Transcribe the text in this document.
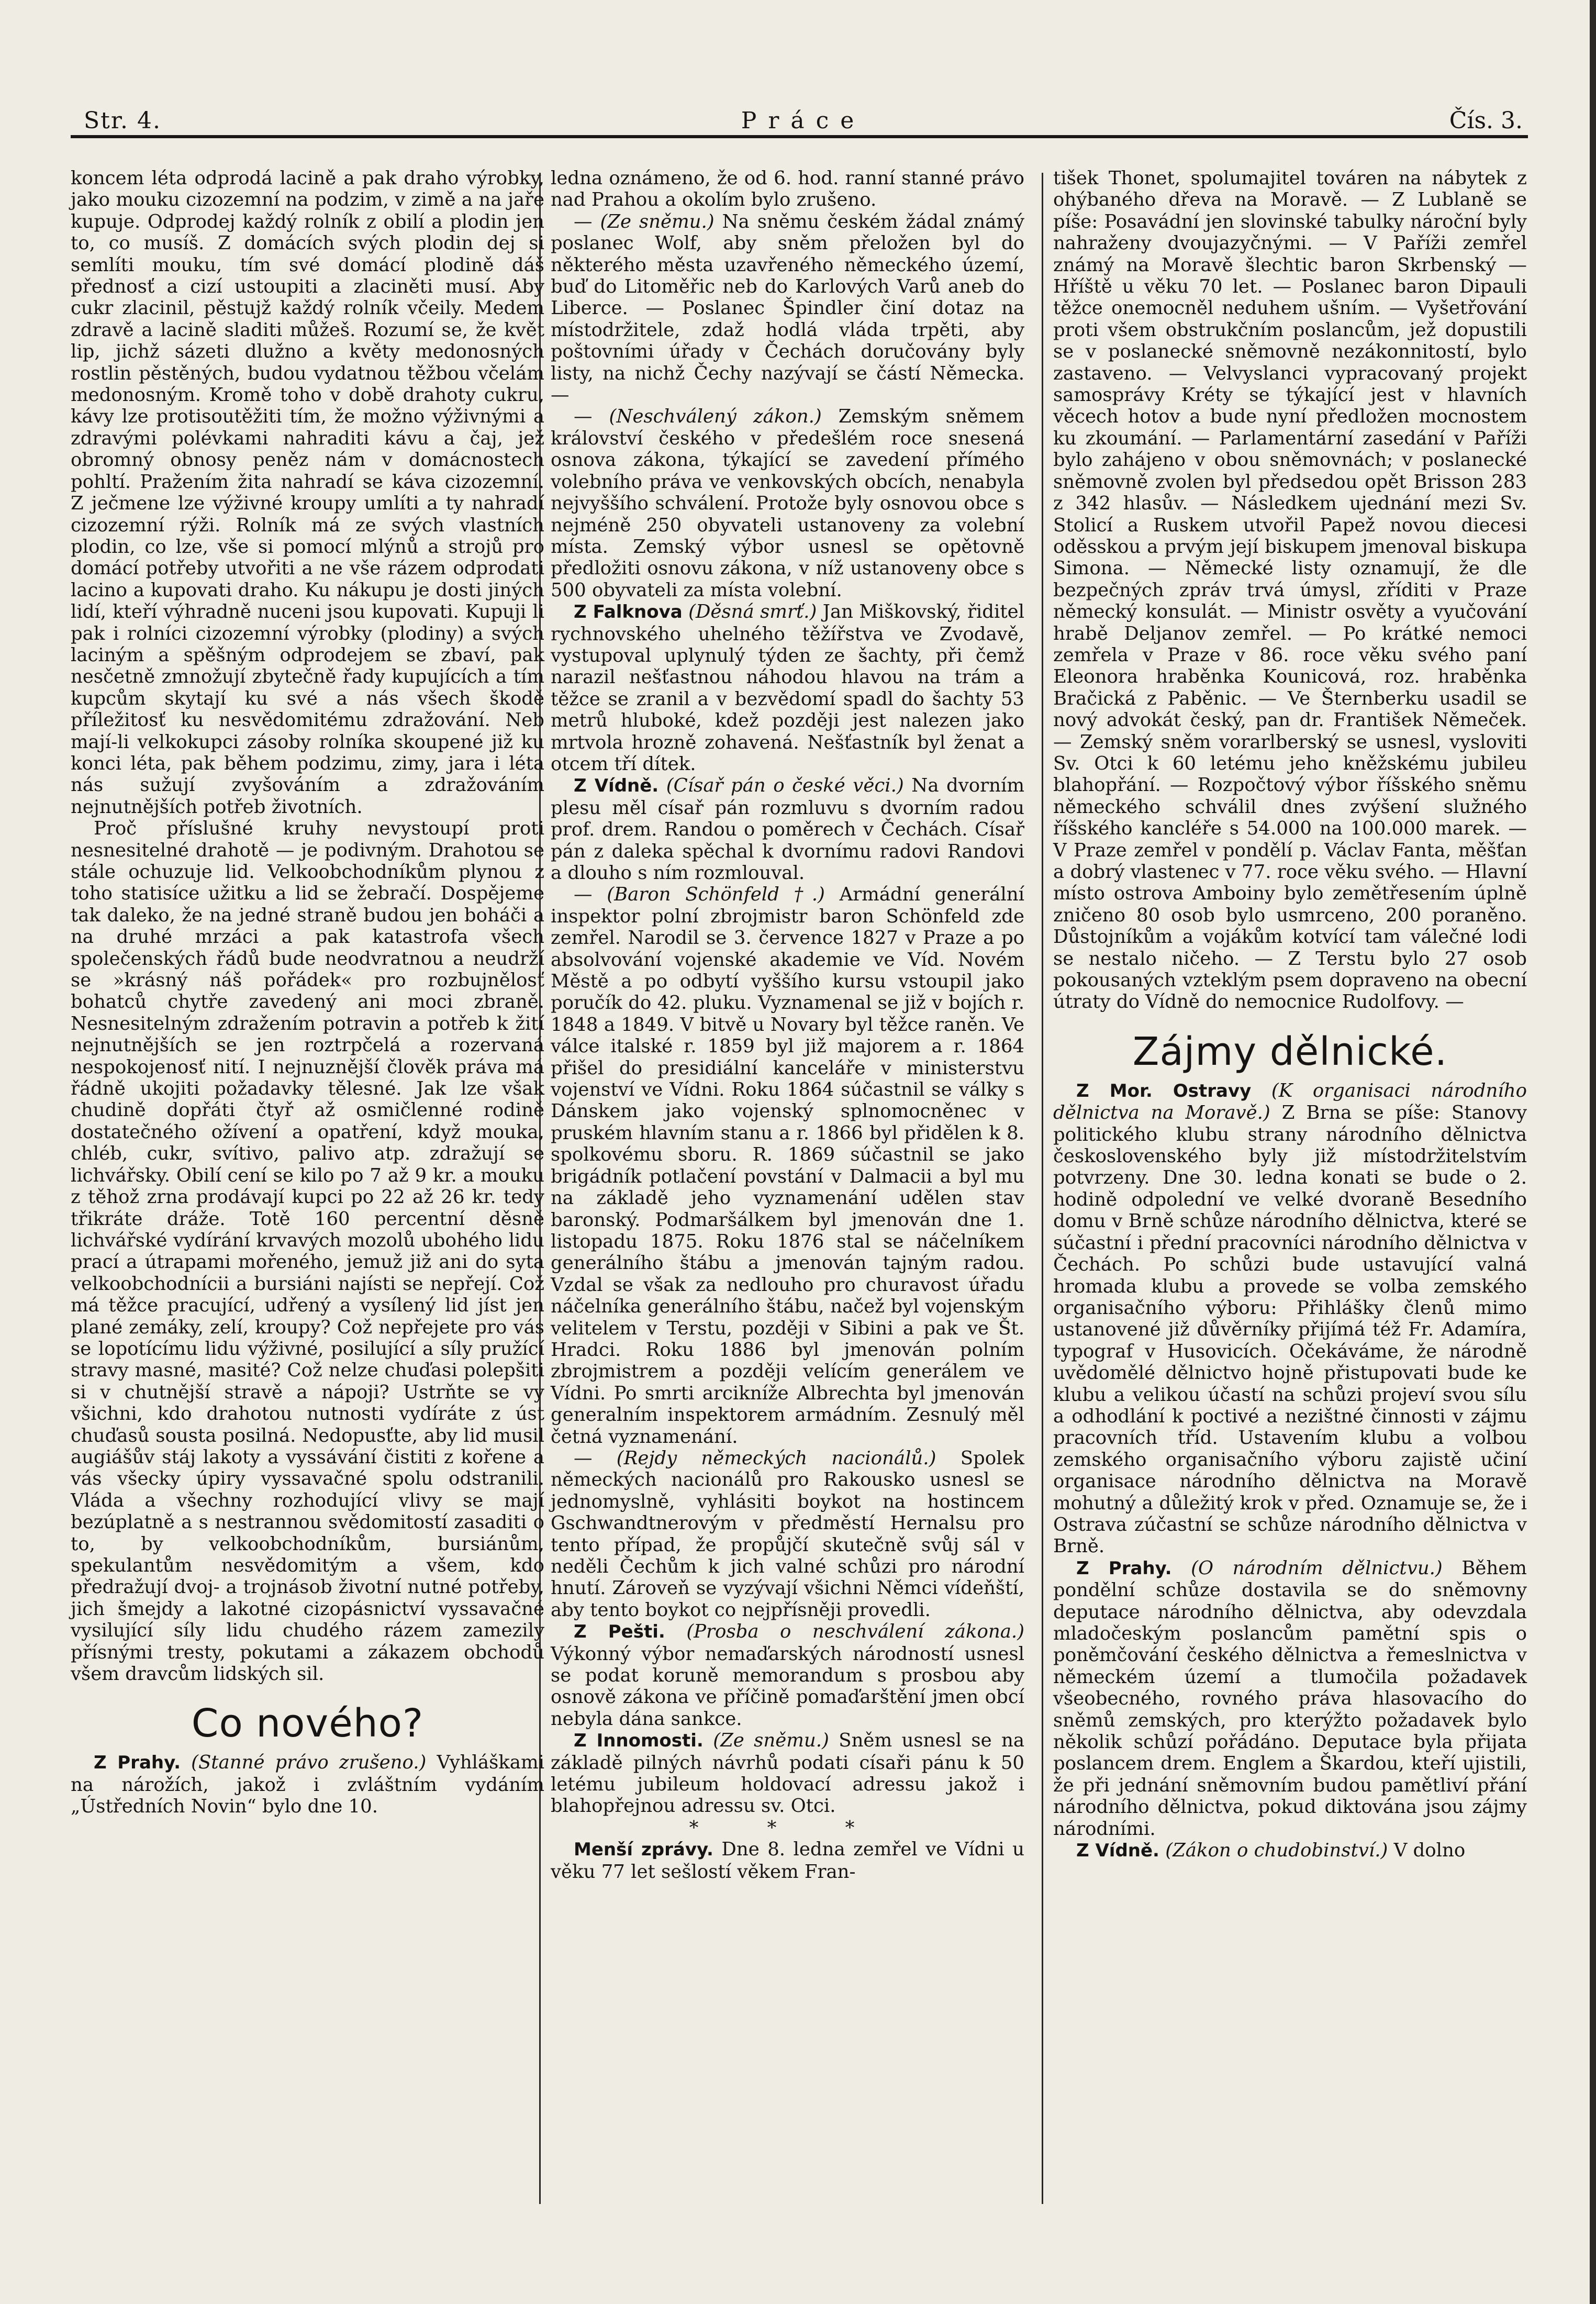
Str. 4.	Práce	Čís. 3.

koncem léta odprodá lacině a pak draho výrobky, jako mouku cizozemní na podzim, v zimě a na jaře kupuje. Odprodej každý rolník z obilí a plodin jen to, co musíš. Z domácích svých plodin dej si semlíti mouku, tím své domácí plodině dáš přednosť a cizí ustoupiti a zlaciněti musí. Aby cukr zlacinil, pěstujž každý rolník včeily. Medem zdravě a lacině sladiti můžeš. Rozumí se, že květ lip, jichž sázeti dlužno a květy medonosných rostlin pěstěných, budou vydatnou těžbou včelám medonosným. Kromě toho v době drahoty cukru, kávy lze protisoutěžiti tím, že možno výživnými a zdravými polévkami nahraditi kávu a čaj, jež obromný obnosy peněz nám v domácnostech pohltí. Pražením žita nahradí se káva cizozemní. Z ječmene lze výživné kroupy umlíti a ty nahradí cizozemní rýži. Rolník má ze svých vlastních plodin, co lze, vše si pomocí mlýnů a strojů pro domácí potřeby utvořiti a ne vše rázem odprodati lacino a kupovati draho. Ku nákupu je dosti jiných lidí, kteří výhradně nuceni jsou kupovati. Kupuji li pak i rolníci cizozemní výrobky (plodiny) a svých laciným a spěšným odprodejem se zbaví, pak nesčetně zmnožují zbytečně řady kupujících a tím kupcům skytají ku své a nás všech škodě příležitosť ku nesvědomitému zdražování. Neb mají-li velkokupci zásoby rolníka skoupené již ku konci léta, pak během podzimu, zimy, jara i léta nás sužují zvyšováním a zdražováním nejnutnějších potřeb životních.

Proč příslušné kruhy nevystoupí proti nesnesitelné drahotě — je podivným. Drahotou se stále ochuzuje lid. Velkoobchodníkům plynou z toho statisíce užitku a lid se žebračí. Dospějeme tak daleko, že na jedné straně budou jen boháči a na druhé mrzáci a pak katastrofa všech společenských řádů bude neodvratnou a neudrží se »krásný náš pořádek« pro rozbujnělosť bohatců chytře zavedený ani moci zbraně. Nesnesitelným zdražením potravin a potřeb k žití nejnutnějších se jen roztrpčelá a rozervaná nespokojenosť nití. I nejnuznější člověk práva má řádně ukojiti požadavky tělesné. Jak lze však chudině dopřáti čtyř až osmičlenné rodině dostatečného ožívení a opatření, když mouka, chléb, cukr, svítivo, palivo atp. zdražují se lichvářsky. Obilí cení se kilo po 7 až 9 kr. a mouku z těhož zrna prodávají kupci po 22 až 26 kr. tedy třikráte dráže. Totě 160 percentní děsně lichvářské vydírání krvavých mozolů ubohého lidu prací a útrapami mořeného, jemuž již ani do syta velkoobchodnícii a bursiáni najísti se nepřejí. Což má těžce pracující, udřený a vysílený lid jíst jen plané zemáky, zelí, kroupy? Což nepřejete pro vás se lopotícímu lidu výživné, posilující a síly pružící stravy masné, masité? Což nelze chuďasi polepšiti si v chutnější stravě a nápoji? Ustrňte se vy všichni, kdo drahotou nutnosti vydíráte z úst chuďasů sousta posilná. Nedopusťte, aby lid musil augiášův stáj lakoty a vyssávání čistiti z kořene a vás všecky úpiry vyssavačné spolu odstranili. Vláda a všechny rozhodující vlivy se mají bezúplatně a s nestrannou svědomitostí zasaditi o to, by velkoobchodníkům, bursiánům, spekulantům nesvědomitým a všem, kdo předražují dvoj- a trojnásob životní nutné potřeby, jich šmejdy a lakotné cizopásnictví vyssavačné vysilující síly lidu chudého rázem zamezily přísnými tresty, pokutami a zákazem obchodů všem dravcům lidských sil.

Co nového?

Z Prahy. (Stanné právo zrušeno.) Vyhláškami na nárožích, jakož i zvláštním vydáním „Ústředních Novin“ bylo dne 10.

ledna oznámeno, že od 6. hod. ranní stanné právo nad Prahou a okolím bylo zrušeno.

— (Ze sněmu.) Na sněmu českém žádal známý poslanec Wolf, aby sněm přeložen byl do některého města uzavřeného německého území, buď do Litoměřic neb do Karlových Varů aneb do Liberce. — Poslanec Špindler činí dotaz na místodržitele, zdaž hodlá vláda trpěti, aby poštovními úřady v Čechách doručovány byly listy, na nichž Čechy nazývají se částí Německa. —

— (Neschválený zákon.) Zemským sněmem království českého v předešlém roce snesená osnova zákona, týkající se zavedení přímého volebního práva ve venkovských obcích, nenabyla nejvyššího schválení. Protože byly osnovou obce s nejméně 250 obyvateli ustanoveny za volební místa. Zemský výbor usnesl se opětovně předložiti osnovu zákona, v níž ustanoveny obce s 500 obyvateli za místa volební.

Z Falknova (Děsná smrť.) Jan Miškovský, řiditel rychnovského uhelného těžířstva ve Zvodavě, vystupoval uplynulý týden ze šachty, při čemž narazil nešťastnou náhodou hlavou na trám a těžce se zranil a v bezvědomí spadl do šachty 53 metrů hluboké, kdež později jest nalezen jako mrtvola hrozně zohavená. Nešťastník byl ženat a otcem tří dítek.

Z Vídně. (Císař pán o české věci.) Na dvorním plesu měl císař pán rozmluvu s dvorním radou prof. drem. Randou o poměrech v Čechách. Císař pán z daleka spěchal k dvornímu radovi Randovi a dlouho s ním rozmlouval.

— (Baron Schönfeld †.) Armádní generální inspektor polní zbrojmistr baron Schönfeld zde zemřel. Narodil se 3. července 1827 v Praze a po absolvování vojenské akademie ve Víd. Novém Městě a po odbytí vyššího kursu vstoupil jako poručík do 42. pluku. Vyznamenal se již v bojích r. 1848 a 1849. V bitvě u Novary byl těžce raněn. Ve válce italské r. 1859 byl již majorem a r. 1864 přišel do presidiální kanceláře v ministerstvu vojenství ve Vídni. Roku 1864 súčastnil se války s Dánskem jako vojenský splnomocněnec v pruském hlavním stanu a r. 1866 byl přidělen k 8. spolkovému sboru. R. 1869 súčastnil se jako brigádník potlačení povstání v Dalmacii a byl mu na základě jeho vyznamenání udělen stav baronský. Podmaršálkem byl jmenován dne 1. listopadu 1875. Roku 1876 stal se náčelníkem generálního štábu a jmenován tajným radou. Vzdal se však za nedlouho pro churavost úřadu náčelníka generálního štábu, načež byl vojenským velitelem v Terstu, později v Sibini a pak ve Št. Hradci. Roku 1886 byl jmenován polním zbrojmistrem a později velícím generálem ve Vídni. Po smrti arcikníže Albrechta byl jmenován generalním inspektorem armádním. Zesnulý měl četná vyznamenání.

— (Rejdy německých nacionálů.) Spolek německých nacionálů pro Rakousko usnesl se jednomyslně, vyhlásiti boykot na hostincem Gschwandtnerovým v předměstí Hernalsu pro tento případ, že propůjčí skutečně svůj sál v neděli Čechům k jich valné schůzi pro národní hnutí. Zároveň se vyzývají všichni Němci vídeňští, aby tento boykot co nejpřísněji provedli.

Z Pešti. (Prosba o neschválení zákona.) Výkonný výbor nemaďarských národností usnesl se podat koruně memorandum s prosbou aby osnově zákona ve příčině pomaďarštění jmen obcí nebyla dána sankce.

Z Innomosti. (Ze sněmu.) Sněm usnesl se na základě pilných návrhů podati císaři pánu k 50 letému jubileum holdovací adressu jakož i blahopřejnou adressu sv. Otci.

* * *

Menší zprávy. Dne 8. ledna zemřel ve Vídni u věku 77 let sešlostí věkem Fran-

tišek Thonet, spolumajitel továren na nábytek z ohýbaného dřeva na Moravě. — Z Lublaně se píše: Posavádní jen slovinské tabulky nároční byly nahraženy dvoujazyčnými. — V Paříži zemřel známý na Moravě šlechtic baron Skrbenský — Hříště u věku 70 let. — Poslanec baron Dipauli těžce onemocněl neduhem ušním. — Vyšetřování proti všem obstrukčním poslancům, jež dopustili se v poslanecké sněmovně nezákonnitostí, bylo zastaveno. — Velvyslanci vypracovaný projekt samosprávy Kréty se týkající jest v hlavních věcech hotov a bude nyní předložen mocnostem ku zkoumání. — Parlamentární zasedání v Paříži bylo zahájeno v obou sněmovnách; v poslanecké sněmovně zvolen byl předsedou opět Brisson 283 z 342 hlasův. — Následkem ujednání mezi Sv. Stolicí a Ruskem utvořil Papež novou diecesi oděsskou a prvým její biskupem jmenoval biskupa Simona. — Německé listy oznamují, že dle bezpečných zpráv trvá úmysl, zříditi v Praze německý konsulát. — Ministr osvěty a vyučování hrabě Deljanov zemřel. — Po krátké nemoci zemřela v Praze v 86. roce věku svého paní Eleonora hraběnka Kounicová, roz. hraběnka Bračická z Paběnic. — Ve Šternberku usadil se nový advokát český, pan dr. František Němeček. — Zemský sněm vorarlberský se usnesl, vysloviti Sv. Otci k 60 letému jeho kněžskému jubileu blahopřání. — Rozpočtový výbor říšského sněmu německého schválil dnes zvýšení služného říšského kancléře s 54.000 na 100.000 marek. — V Praze zemřel v pondělí p. Václav Fanta, měšťan a dobrý vlastenec v 77. roce věku svého. — Hlavní místo ostrova Amboiny bylo zemětřesením úplně zničeno 80 osob bylo usmrceno, 200 poraněno. Důstojníkům a vojákům kotvící tam válečné lodi se nestalo ničeho. — Z Terstu bylo 27 osob pokousaných vzteklým psem dopraveno na obecní útraty do Vídně do nemocnice Rudolfovy. —

Zájmy dělnické.

Z Mor. Ostravy (K organisaci národního dělnictva na Moravě.) Z Brna se píše: Stanovy politického klubu strany národního dělnictva československého byly již místodržitelstvím potvrzeny. Dne 30. ledna konati se bude o 2. hodině odpolední ve velké dvoraně Besedního domu v Brně schůze národního dělnictva, které se súčastní i přední pracovníci národního dělnictva v Čechách. Po schůzi bude ustavující valná hromada klubu a provede se volba zemského organisačního výboru: Přihlášky členů mimo ustanovené již důvěrníky přijímá též Fr. Adamíra, typograf v Husovicích. Očekáváme, že národně uvědomělé dělnictvo hojně přistupovati bude ke klubu a velikou účastí na schůzi projeví svou sílu a odhodlání k poctivé a nezištné činnosti v zájmu pracovních tříd. Ustavením klubu a volbou zemského organisačního výboru zajistě učiní organisace národního dělnictva na Moravě mohutný a důležitý krok v před. Oznamuje se, že i Ostrava zúčastní se schůze národního dělnictva v Brně.

Z Prahy. (O národním dělnictvu.) Během pondělní schůze dostavila se do sněmovny deputace národního dělnictva, aby odevzdala mladočeským poslancům pamětní spis o poněmčování českého dělnictva a řemeslnictva v německém území a tlumočila požadavek všeobecného, rovného práva hlasovacího do sněmů zemských, pro kterýžto požadavek bylo několik schůzí pořádáno. Deputace byla přijata poslancem drem. Englem a Škardou, kteří ujistili, že při jednání sněmovním budou pamětliví přání národního dělnictva, pokud diktována jsou zájmy národními.

Z Vídně. (Zákon o chudobinství.) V dolno
